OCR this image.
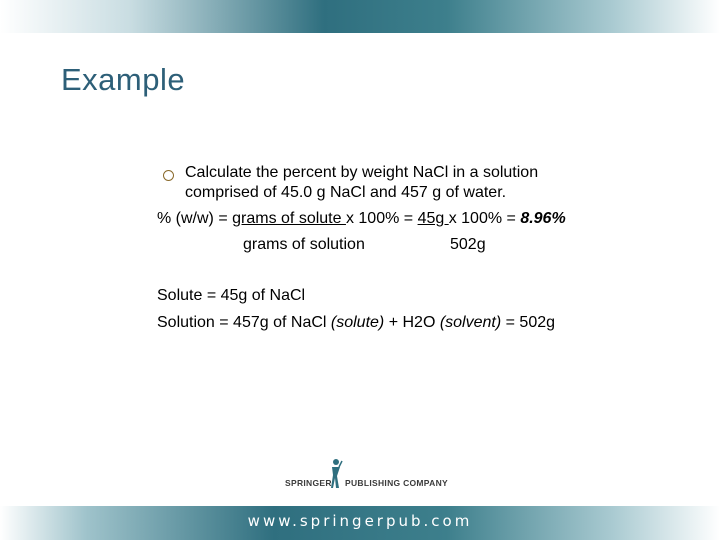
Example
Calculate the percent by weight NaCl in a solution
comprised of 45.0 g NaCl and 457 g of water.
% (w/w) = grams of solute x 100% = 45g x 100% = 8.96%
grams of solution	502g
Solute = 45g of NaCl
Solution = 457g of NaCl (solute) + H2O (solvent) = 502g
SPRINGER PUBLISHING COMPANY
www.springerpub.com
